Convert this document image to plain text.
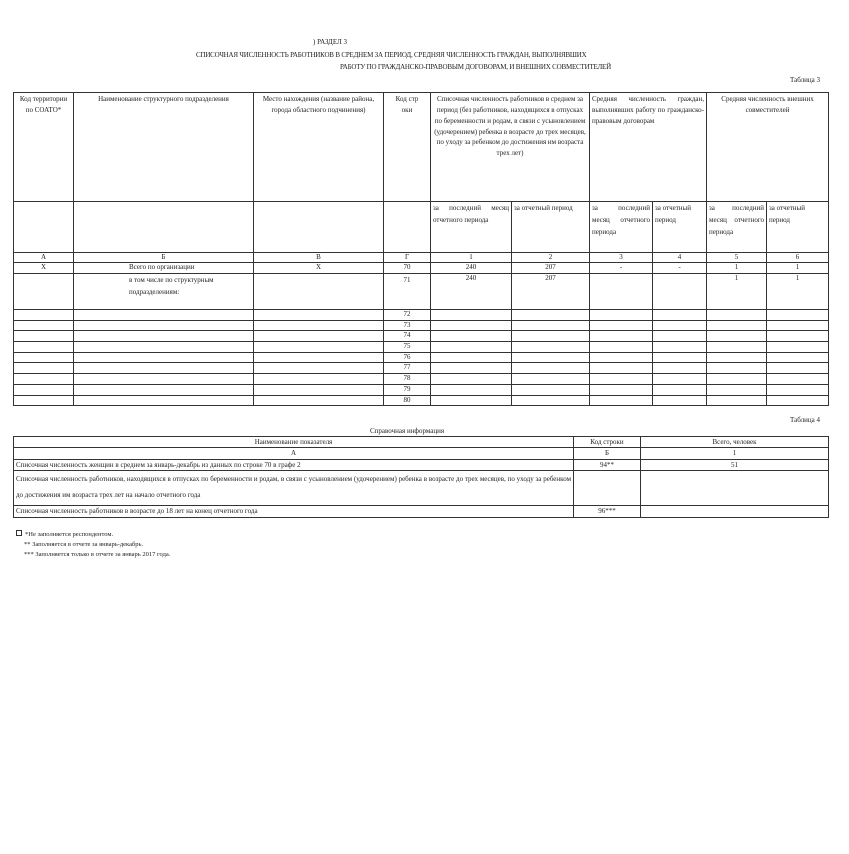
) РАЗДЕЛ 3
СПИСОЧНАЯ ЧИСЛЕННОСТЬ РАБОТНИКОВ В СРЕДНЕМ ЗА ПЕРИОД, СРЕДНЯЯ ЧИСЛЕННОСТЬ ГРАЖДАН, ВЫПОЛНЯВШИХ
РАБОТУ ПО ГРАЖДАНСКО-ПРАВОВЫМ ДОГОВОРАМ, И ВНЕШНИХ СОВМЕСТИТЕЛЕЙ
Таблица 3
Код территории по СОАТО*	Наименование структурного подразделения	Место нахождения (название района, города областного подчинения)	Код строки	Списочная численность работников в среднем за период (без работников, находящихся в отпусках по беременности и родам, в связи с усыновлением (удочерением) ребенка в возрасте до трех месяцев, по уходу за ребенком до достижения им возраста трех лет)		Средняя численность граждан, выполнявших работу по гражданско-правовым договорам		Средняя численность внешних совместителей	
				за последний месяц отчетного периода	за отчетный период	за последний месяц отчетного периода	за отчетный период	за последний месяц отчетного периода	за отчетный период
А	Б	В	Г	1	2	3	4	5	6
Х	Всего по организации	Х	70	240	207	-	-	1	1
	в том числе по структурным подразделениям:		71	240	207			1	1
			72						
			73						
			74						
			75						
			76						
			77						
			78						
			79						
			80						
Таблица 4
Справочная информация
Наименование показателя	Код строки	Всего, человек
А	Б	1
Списочная численность женщин в среднем за январь-декабрь из данных по строке 70 в графе 2	94**	51
Списочная численность работников, находящихся в отпусках по беременности и родам, в связи с усыновлением (удочерением) ребенка в возрасте до трех месяцев, по уходу за ребенком до достижения им возраста трех лет на начало отчетного года		
Списочная численность работников в возрасте до 18 лет на конец отчетного года	96***	
*Не заполняется респондентом.
** Заполняется в отчете за январь-декабрь.
*** Заполняется только в отчете за январь 2017 года.
